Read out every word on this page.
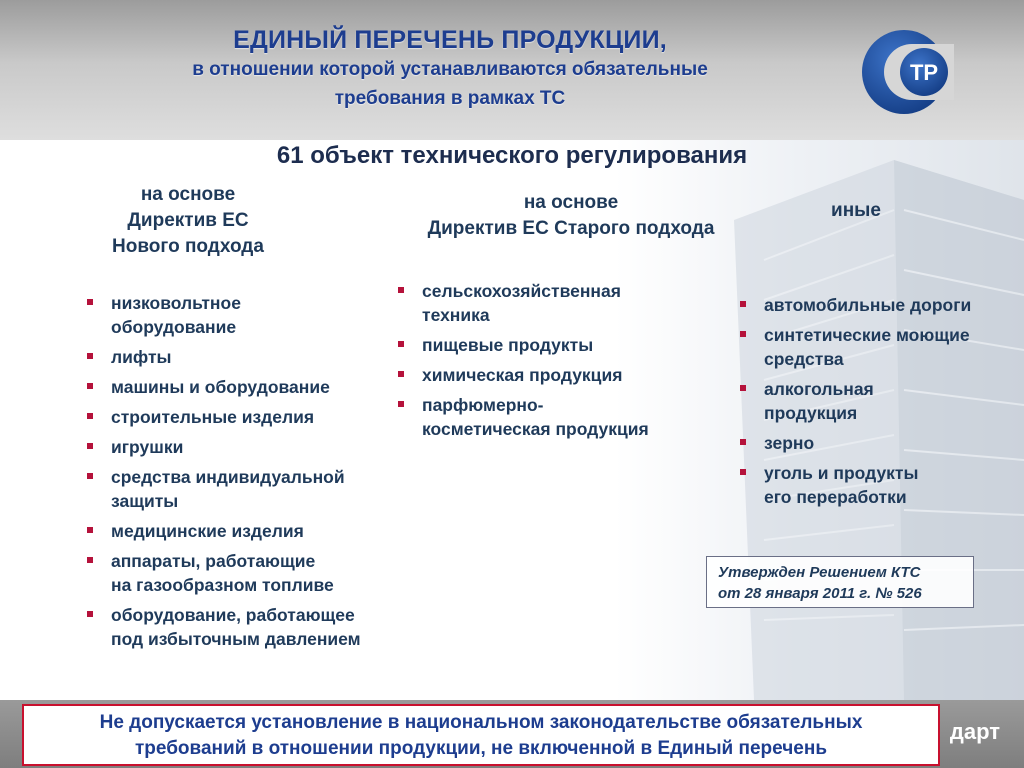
ЕДИНЫЙ ПЕРЕЧЕНЬ ПРОДУКЦИИ,
в отношении которой устанавливаются обязательные
требования в рамках ТС
ТР
61 объект технического регулирования
на основе
Директив ЕС
Нового подхода
низковольтное
оборудование
лифты
машины и оборудование
строительные изделия
игрушки
средства индивидуальной
защиты
медицинские изделия
аппараты, работающие
на газообразном топливе
оборудование, работающее
под избыточным давлением
на основе
Директив ЕС Старого подхода
сельскохозяйственная
техника
пищевые продукты
химическая продукция
парфюмерно-
косметическая продукция
иные
автомобильные дороги
синтетические моющие
средства
алкогольная
продукция
зерно
уголь и продукты
его переработки
Утвержден Решением КТС
от 28 января 2011 г. № 526
дарт
Не допускается установление в национальном законодательстве обязательных
требований в отношении продукции, не включенной в Единый перечень
